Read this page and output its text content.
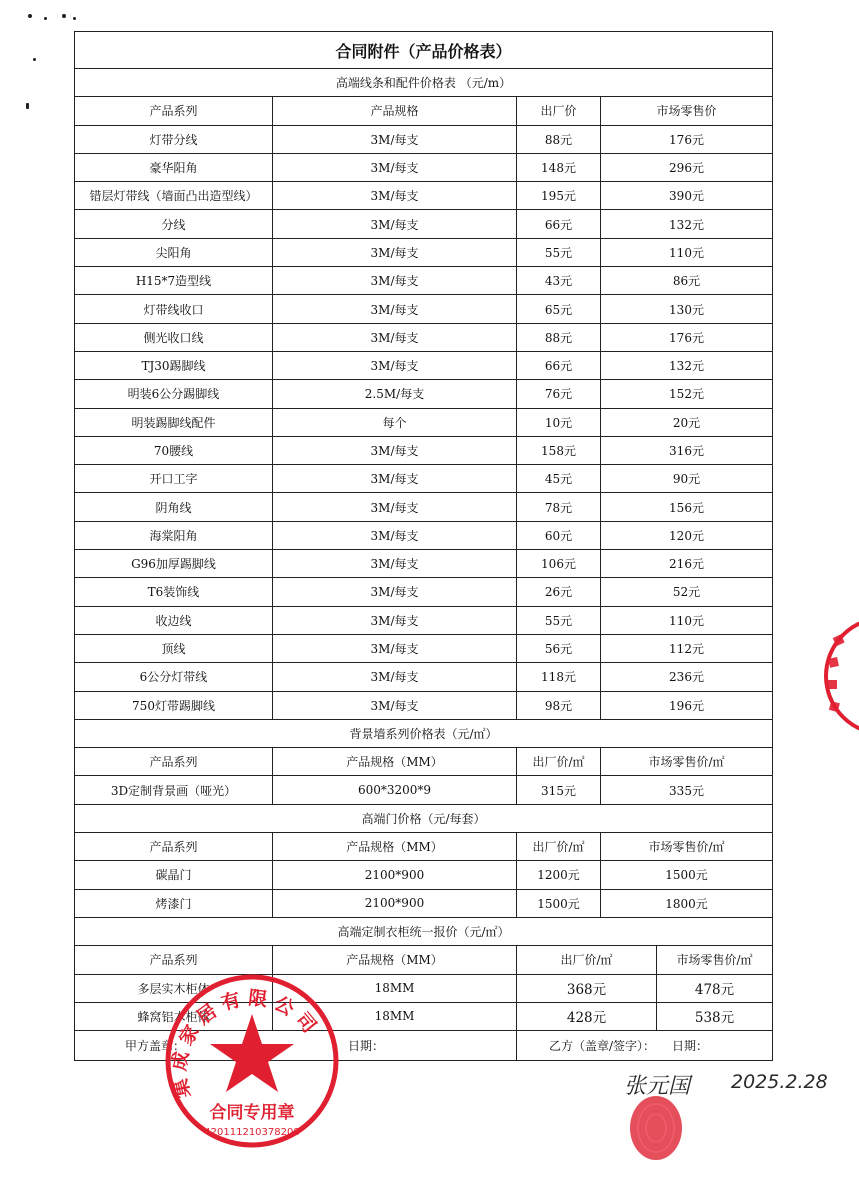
合同附件（产品价格表）				
高端线条和配件价格表 （元/m）				
产品系列	产品规格	出厂价	市场零售价	
灯带分线	3M/每支	88元	176元	
豪华阳角	3M/每支	148元	296元	
错层灯带线（墙面凸出造型线）	3M/每支	195元	390元	
分线	3M/每支	66元	132元	
尖阳角	3M/每支	55元	110元	
H15*7造型线	3M/每支	43元	86元	
灯带线收口	3M/每支	65元	130元	
侧光收口线	3M/每支	88元	176元	
TJ30踢脚线	3M/每支	66元	132元	
明装6公分踢脚线	2.5M/每支	76元	152元	
明装踢脚线配件	每个	10元	20元	
70腰线	3M/每支	158元	316元	
开口工字	3M/每支	45元	90元	
阴角线	3M/每支	78元	156元	
海棠阳角	3M/每支	60元	120元	
G96加厚踢脚线	3M/每支	106元	216元	
T6装饰线	3M/每支	26元	52元	
收边线	3M/每支	55元	110元	
顶线	3M/每支	56元	112元	
6公分灯带线	3M/每支	118元	236元	
750灯带踢脚线	3M/每支	98元	196元	
背景墙系列价格表（元/㎡）				
产品系列	产品规格（MM）	出厂价/㎡	市场零售价/㎡	
3D定制背景画（哑光）	600*3200*9	315元	335元	
高端门价格（元/每套）				
产品系列	产品规格（MM）	出厂价/㎡	市场零售价/㎡	
碳晶门	2100*900	1200元	1500元	
烤漆门	2100*900	1500元	1800元	
高端定制衣柜统一报价（元/㎡）				
产品系列	产品规格（MM）	出厂价/㎡		市场零售价/㎡
多层实木柜体	18MM	368元		478元
蜂窝铝木柜体	18MM	428元		538元

甲方盖章： 日期：		乙方（盖章/签字）： 日期：		
集成家居有限公司
合同专用章
420111210378208
张元国 2025.2.28
